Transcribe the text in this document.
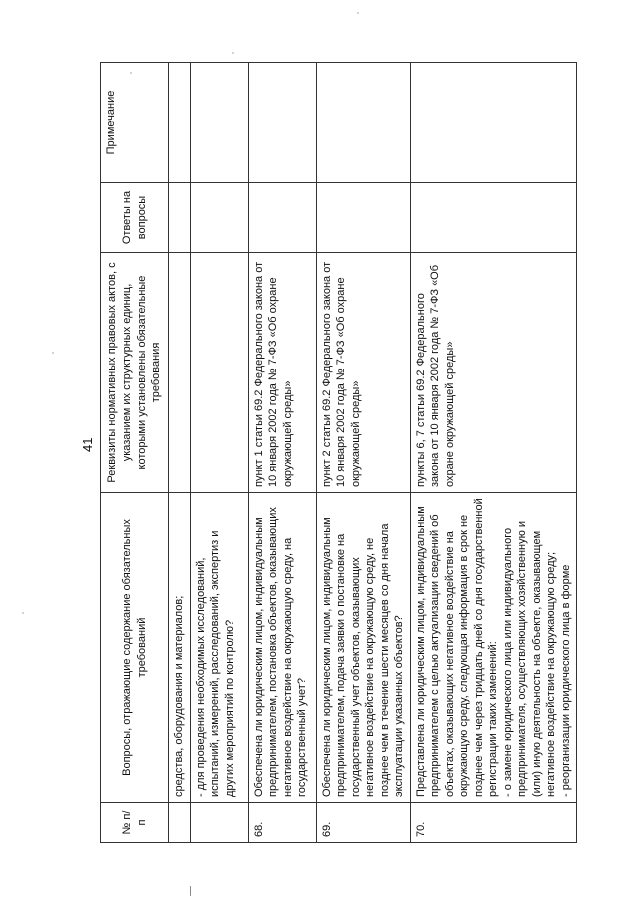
41
№ п/п	Вопросы, отражающие содержание обязательных требований	Реквизиты нормативных правовых актов, с указанием их структурных единиц, которыми установлены обязательные требования	Ответы на вопросы	Примечание
	средства, оборудования и материалов;			
	- для проведения необходимых исследований, испытаний, измерений, расследований, экспертиз и других мероприятий по контролю?			
68.	Обеспечена ли юридическим лицом, индивидуальным предпринимателем, постановка объектов, оказывающих негативное воздействие на окружающую среду, на государственный учет?	пункт 1 статьи 69.2 Федерального закона от 10 января 2002 года № 7-ФЗ «Об охране окружающей среды»		
69.	Обеспечена ли юридическим лицом, индивидуальным предпринимателем, подача заявки о постановке на государственный учет объектов, оказывающих негативное воздействие на окружающую среду, не позднее чем в течение шести месяцев со дня начала эксплуатации указанных объектов?	пункт 2 статьи 69.2 Федерального закона от 10 января 2002 года № 7-ФЗ «Об охране окружающей среды»		
70.	Представлена ли юридическим лицом, индивидуальным предпринимателем с целью актуализации сведений об объектах, оказывающих негативное воздействие на окружающую среду, следующая информация в срок не позднее чем через тридцать дней со дня государственной регистрации таких изменений:
- о замене юридического лица или индивидуального предпринимателя, осуществляющих хозяйственную и (или) иную деятельность на объекте, оказывающем негативное воздействие на окружающую среду;
- реорганизации юридического лица в форме	пункты 6, 7 статьи 69.2 Федерального закона от 10 января 2002 года № 7-ФЗ «Об охране окружающей среды»		
